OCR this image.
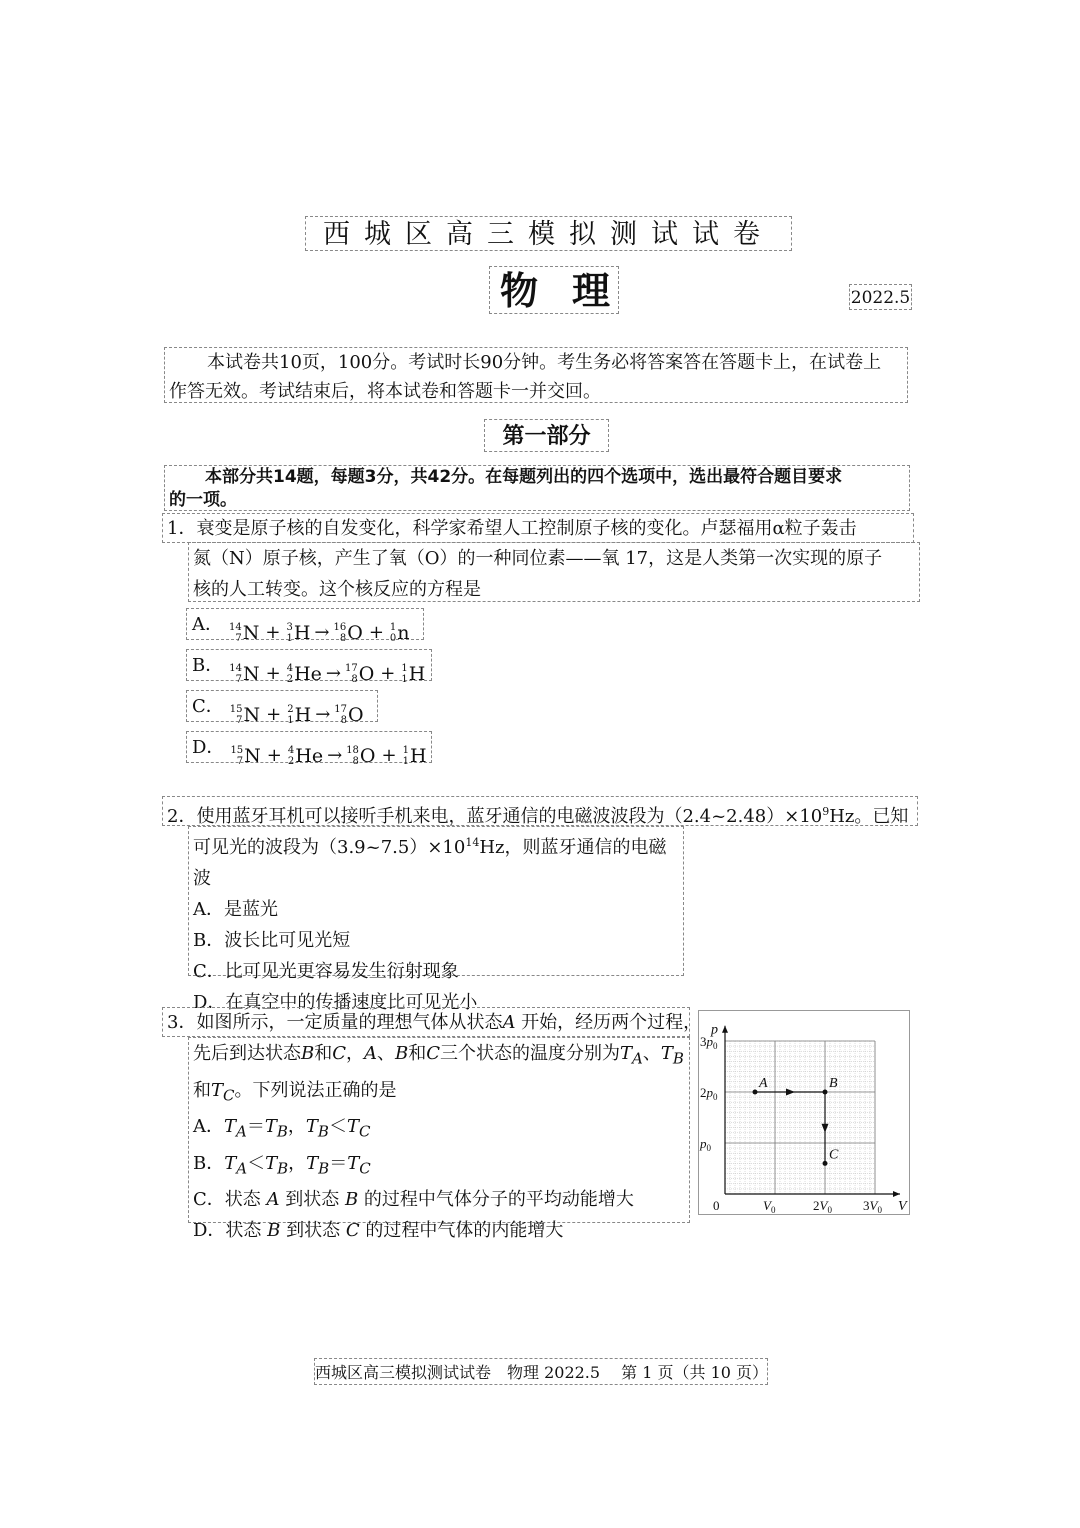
西城区高三模拟测试试卷
物理	2022.5
本试卷共10页，100分。考试时长90分钟。考生务必将答案答在答题卡上，在试卷上
作答无效。考试结束后，将本试卷和答题卡一并交回。
第一部分
本部分共14题，每题3分，共42分。在每题列出的四个选项中，选出最符合题目要求
的一项。
1．衰变是原子核的自发变化，科学家希望人工控制原子核的变化。卢瑟福用α粒子轰击
氮（N）原子核，产生了氧（O）的一种同位素——氧 17，这是人类第一次实现的原子
核的人工转变。这个核反应的方程是
A． 14
7 N + 3
1 H → 16
8 O + 1
0 n
B． 14
7 N + 4
2 He → 17
8 O + 1
1 H
C． 15
7 N + 2
1 H → 17
8 O
D． 15
7 N + 4
2 He → 18
8 O + 1
1 H
2．使用蓝牙耳机可以接听手机来电，蓝牙通信的电磁波波段为$(2.4\sim 2.48)\times 10^9Hz$。已知
可见光的波段为$(3.9\sim 7.5)\times 10^{14}Hz$，则蓝牙通信的电磁波
A．是蓝光
B．波长比可见光短
C．比可见光更容易发生衍射现象
D．在真空中的传播速度比可见光小
3．如图所示，一定质量的理想气体从状态A 开始，经历两个过程，
先后到达状态B和C，A、B和C三个状态的温度分别为$T_A$、$T_B$
和$T_C$。下列说法正确的是
A．$T_A=T_B$，$T_B<T_C$
B．$T_A<T_B$，$T_B=T_C$
C．状态 A 到状态 B 的过程中气体分子的平均动能增大
D．状态 B 到状态 C 的过程中气体的内能增大
V
p
0	$V_0$	$2V_0$ $3V_0$
$p_0$
$2p_0$
$3p_0$
A	B
C
西城区高三模拟测试试卷　物理 2022.5　 第 1 页（共 10 页）
